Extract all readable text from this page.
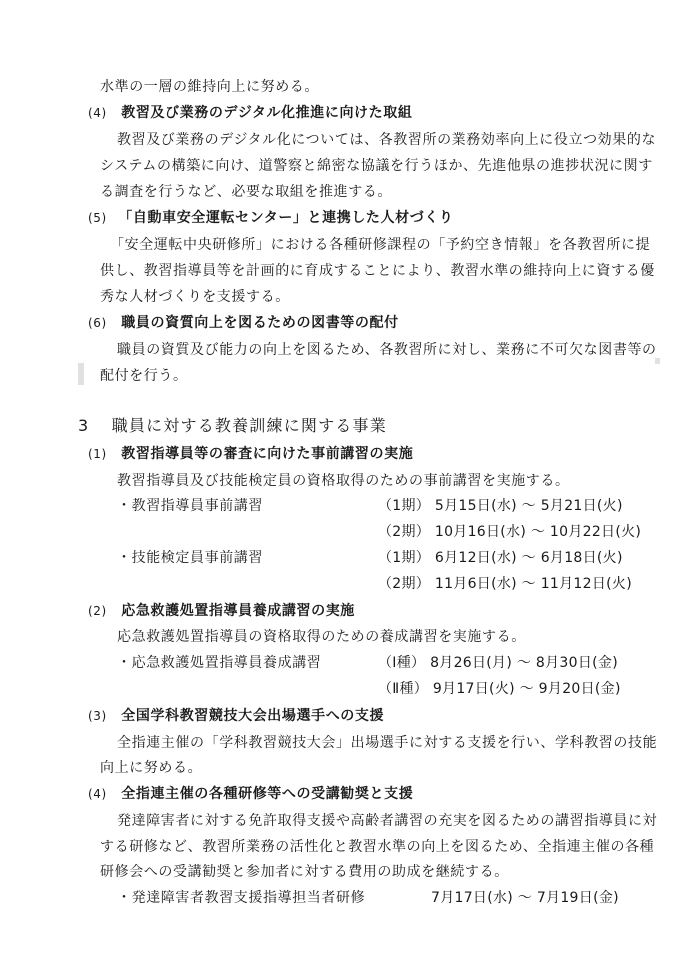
水準の一層の維持向上に努める。
(4) 教習及び業務のデジタル化推進に向けた取組
教習及び業務のデジタル化については、各教習所の業務効率向上に役立つ効果的な
システムの構築に向け、道警察と綿密な協議を行うほか、先進他県の進捗状況に関す
る調査を行うなど、必要な取組を推進する。
(5) 「自動車安全運転センター」と連携した人材づくり
「安全運転中央研修所」における各種研修課程の「予約空き情報」を各教習所に提
供し、教習指導員等を計画的に育成することにより、教習水準の維持向上に資する優
秀な人材づくりを支援する。
(6) 職員の資質向上を図るための図書等の配付
職員の資質及び能力の向上を図るため、各教習所に対し、業務に不可欠な図書等の
配付を行う。
3 職員に対する教養訓練に関する事業
(1) 教習指導員等の審査に向けた事前講習の実施
教習指導員及び技能検定員の資格取得のための事前講習を実施する。
・教習指導員事前講習	（1期） 5月15日(水) ～ 5月21日(火)
（2期） 10月16日(水) ～ 10月22日(火)
・技能検定員事前講習	（1期） 6月12日(水) ～ 6月18日(火)
（2期） 11月6日(水) ～ 11月12日(火)
(2) 応急救護処置指導員養成講習の実施
応急救護処置指導員の資格取得のための養成講習を実施する。
・応急救護処置指導員養成講習	（Ⅰ種） 8月26日(月) ～ 8月30日(金)
（Ⅱ種） 9月17日(火) ～ 9月20日(金)
(3) 全国学科教習競技大会出場選手への支援
全指連主催の「学科教習競技大会」出場選手に対する支援を行い、学科教習の技能
向上に努める。
(4) 全指連主催の各種研修等への受講勧奨と支援
発達障害者に対する免許取得支援や高齢者講習の充実を図るための講習指導員に対
する研修など、教習所業務の活性化と教習水準の向上を図るため、全指連主催の各種
研修会への受講勧奨と参加者に対する費用の助成を継続する。
・発達障害者教習支援指導担当者研修	7月17日(水) ～ 7月19日(金)
